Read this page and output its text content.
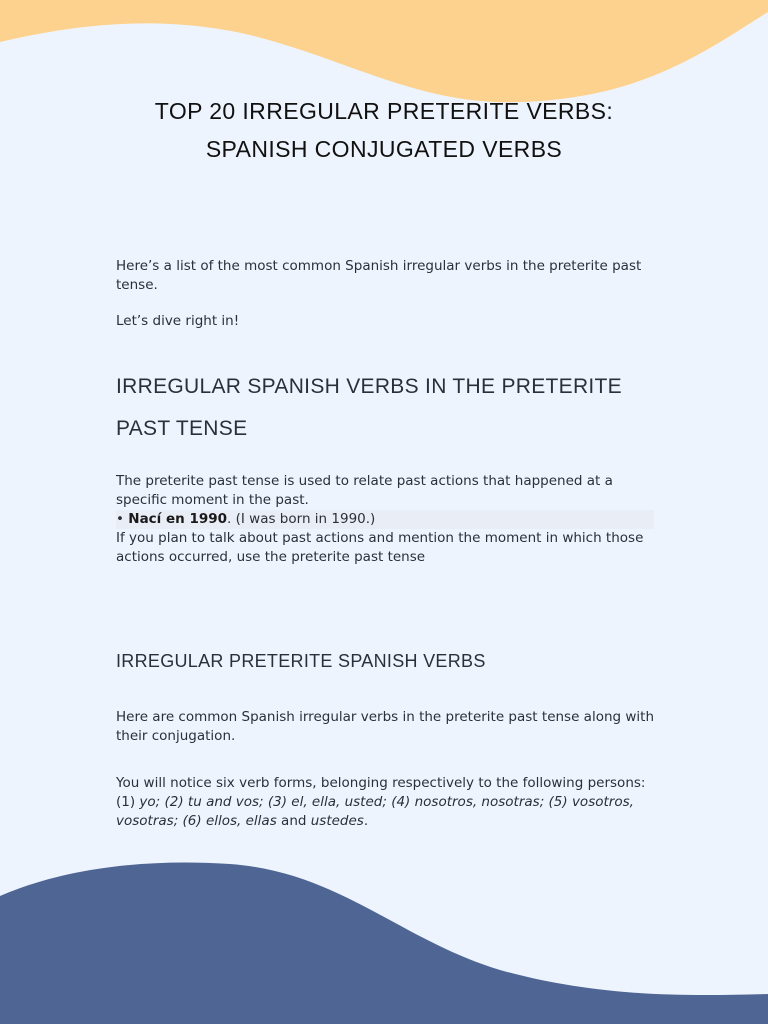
TOP 20 IRREGULAR PRETERITE VERBS:
SPANISH CONJUGATED VERBS
Here’s a list of the most common Spanish irregular verbs in the preterite past tense.
Let’s dive right in!
IRREGULAR SPANISH VERBS IN THE PRETERITE
PAST TENSE
The preterite past tense is used to relate past actions that happened at a specific moment in the past.
• Nací en 1990. (I was born in 1990.)
If you plan to talk about past actions and mention the moment in which those actions occurred, use the preterite past tense
IRREGULAR PRETERITE SPANISH VERBS
Here are common Spanish irregular verbs in the preterite past tense along with their conjugation.
You will notice six verb forms, belonging respectively to the following persons: (1) yo; (2) tu and vos; (3) el, ella, usted; (4) nosotros, nosotras; (5) vosotros, vosotras; (6) ellos, ellas and ustedes.
